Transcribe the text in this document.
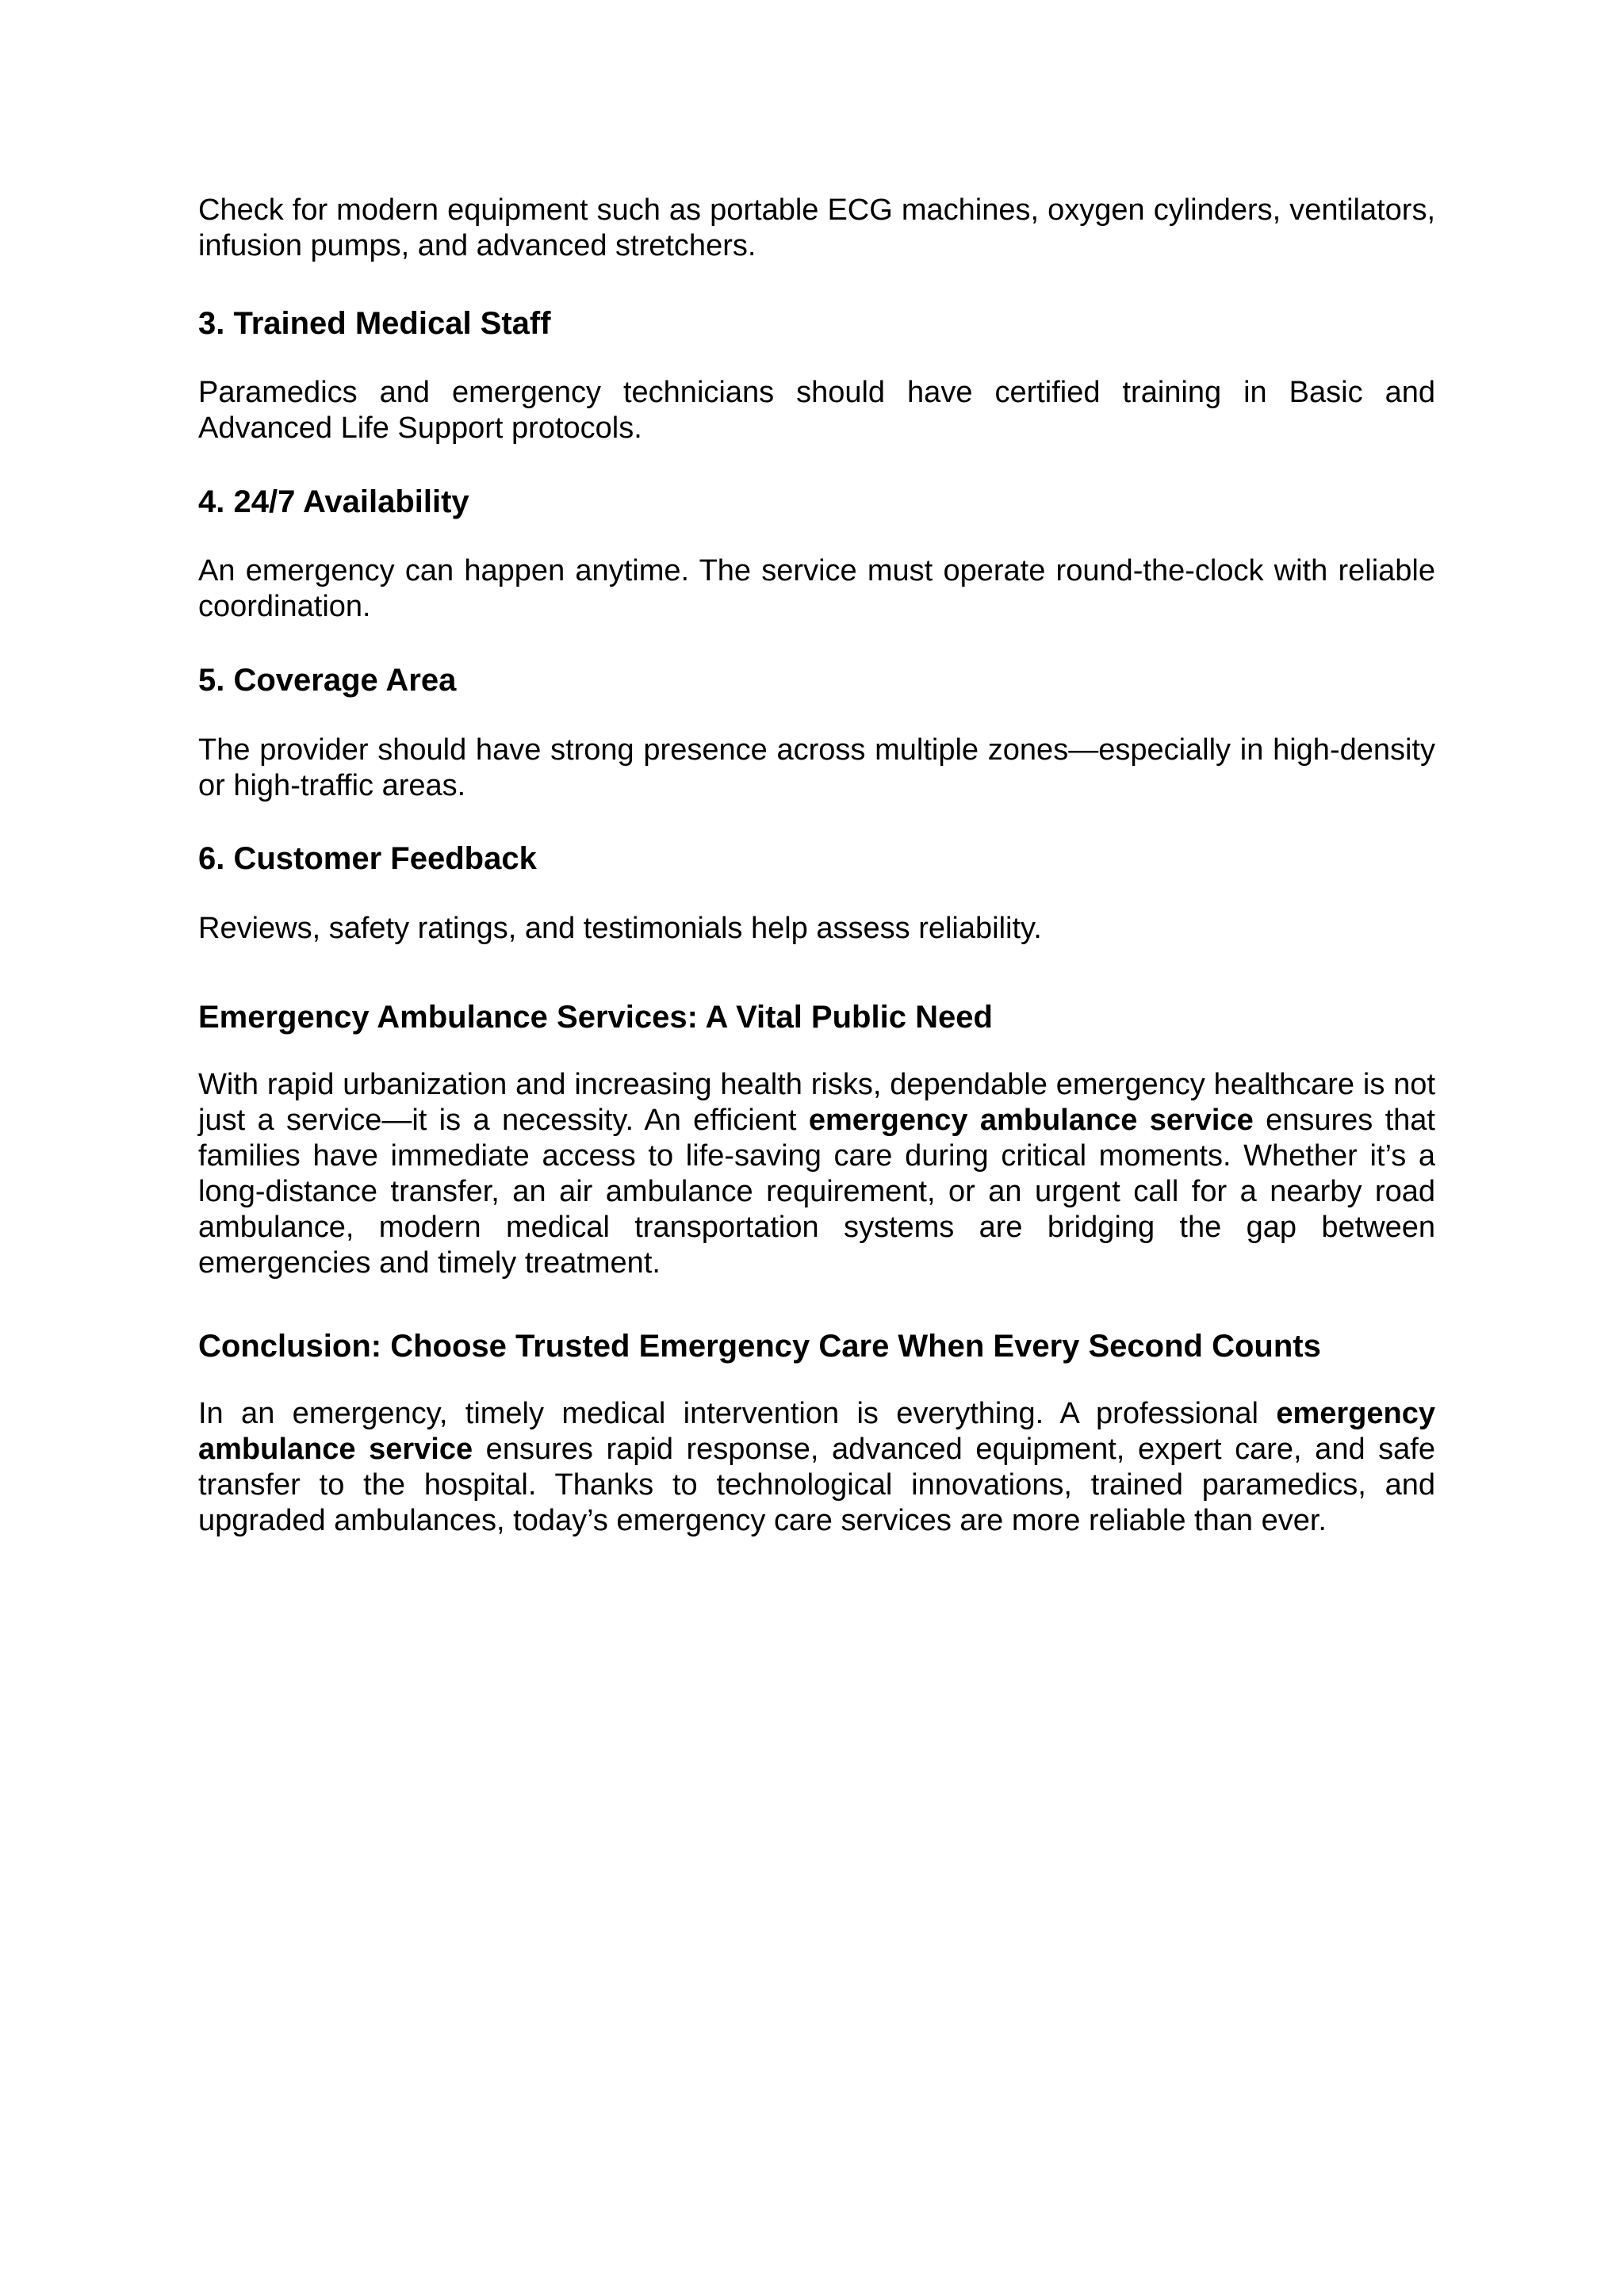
Check for modern equipment such as portable ECG machines, oxygen cylinders, ventilators, infusion pumps, and advanced stretchers.

3. Trained Medical Staff

Paramedics and emergency technicians should have certified training in Basic and Advanced Life Support protocols.

4. 24/7 Availability

An emergency can happen anytime. The service must operate round-the-clock with reliable coordination.

5. Coverage Area

The provider should have strong presence across multiple zones—especially in high-density or high-traffic areas.

6. Customer Feedback

Reviews, safety ratings, and testimonials help assess reliability.

Emergency Ambulance Services: A Vital Public Need

With rapid urbanization and increasing health risks, dependable emergency healthcare is not just a service—it is a necessity. An efficient emergency ambulance service ensures that families have immediate access to life-saving care during critical moments. Whether it’s a long-distance transfer, an air ambulance requirement, or an urgent call for a nearby road ambulance, modern medical transportation systems are bridging the gap between emergencies and timely treatment.

Conclusion: Choose Trusted Emergency Care When Every Second Counts

In an emergency, timely medical intervention is everything. A professional emergency ambulance service ensures rapid response, advanced equipment, expert care, and safe transfer to the hospital. Thanks to technological innovations, trained paramedics, and upgraded ambulances, today’s emergency care services are more reliable than ever.
